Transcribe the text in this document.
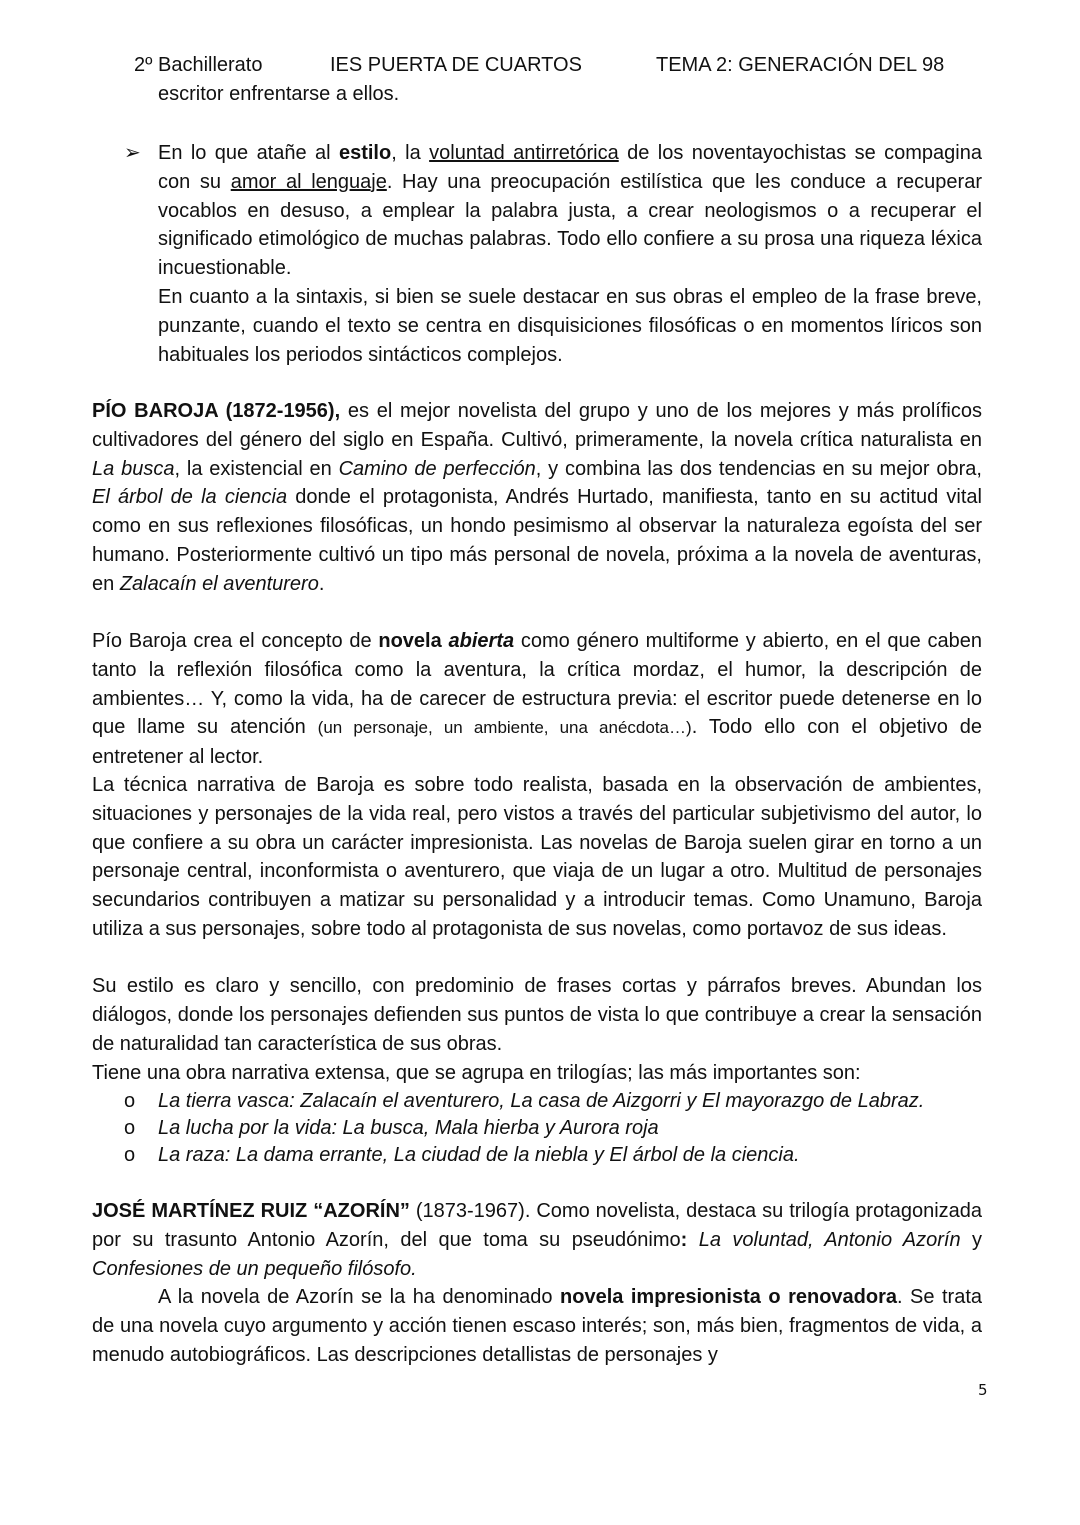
2º Bachillerato	IES PUERTA DE CUARTOS	TEMA 2: GENERACIÓN DEL 98

escritor enfrentarse a ellos.

➢ En lo que atañe al estilo, la voluntad antirretórica de los noventayochistas se compagina con su amor al lenguaje. Hay una preocupación estilística que les conduce a recuperar vocablos en desuso, a emplear la palabra justa, a crear neologismos o a recuperar el significado etimológico de muchas palabras. Todo ello confiere a su prosa una riqueza léxica incuestionable.

En cuanto a la sintaxis, si bien se suele destacar en sus obras el empleo de la frase breve, punzante, cuando el texto se centra en disquisiciones filosóficas o en momentos líricos son habituales los periodos sintácticos complejos.

PÍO BAROJA (1872-1956), es el mejor novelista del grupo y uno de los mejores y más prolíficos cultivadores del género del siglo en España. Cultivó, primeramente, la novela crítica naturalista en La busca, la existencial en Camino de perfección, y combina las dos tendencias en su mejor obra, El árbol de la ciencia donde el protagonista, Andrés Hurtado, manifiesta, tanto en su actitud vital como en sus reflexiones filosóficas, un hondo pesimismo al observar la naturaleza egoísta del ser humano. Posteriormente cultivó un tipo más personal de novela, próxima a la novela de aventuras, en Zalacaín el aventurero.

Pío Baroja crea el concepto de novela abierta como género multiforme y abierto, en el que caben tanto la reflexión filosófica como la aventura, la crítica mordaz, el humor, la descripción de ambientes… Y, como la vida, ha de carecer de estructura previa: el escritor puede detenerse en lo que llame su atención (un personaje, un ambiente, una anécdota…). Todo ello con el objetivo de entretener al lector.

La técnica narrativa de Baroja es sobre todo realista, basada en la observación de ambientes, situaciones y personajes de la vida real, pero vistos a través del particular subjetivismo del autor, lo que confiere a su obra un carácter impresionista. Las novelas de Baroja suelen girar en torno a un personaje central, inconformista o aventurero, que viaja de un lugar a otro. Multitud de personajes secundarios contribuyen a matizar su personalidad y a introducir temas. Como Unamuno, Baroja utiliza a sus personajes, sobre todo al protagonista de sus novelas, como portavoz de sus ideas.

Su estilo es claro y sencillo, con predominio de frases cortas y párrafos breves. Abundan los diálogos, donde los personajes defienden sus puntos de vista lo que contribuye a crear la sensación de naturalidad tan característica de sus obras.

Tiene una obra narrativa extensa, que se agrupa en trilogías; las más importantes son:

o La tierra vasca: Zalacaín el aventurero, La casa de Aizgorri y El mayorazgo de Labraz.
o La lucha por la vida: La busca, Mala hierba y Aurora roja
o La raza: La dama errante, La ciudad de la niebla y El árbol de la ciencia.

JOSÉ MARTÍNEZ RUIZ “AZORÍN” (1873-1967). Como novelista, destaca su trilogía protagonizada por su trasunto Antonio Azorín, del que toma su pseudónimo: La voluntad, Antonio Azorín y Confesiones de un pequeño filósofo.

A la novela de Azorín se la ha denominado novela impresionista o renovadora. Se trata de una novela cuyo argumento y acción tienen escaso interés; son, más bien, fragmentos de vida, a menudo autobiográficos. Las descripciones detallistas de personajes y

5
